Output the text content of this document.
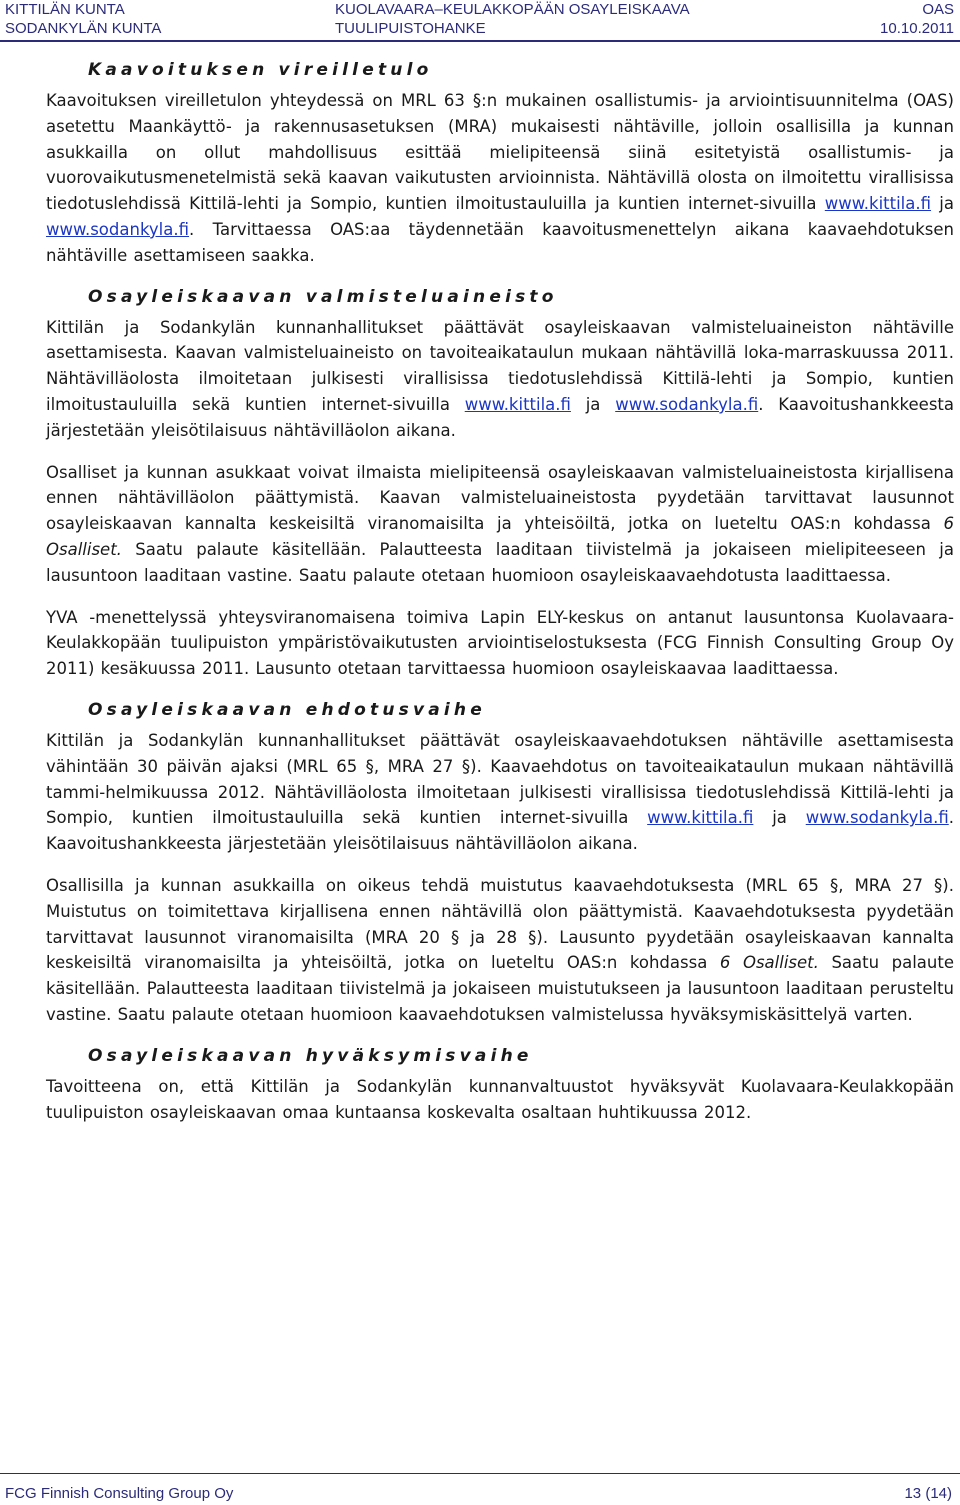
KITTILÄN KUNTA
SODANKYLÄN KUNTA
KUOLAVAARA–KEULAKKOPÄÄN OSAYLEISKAAVA
TUULIPUISTOHANKE
OAS
10.10.2011
Kaavoituksen vireilletulo

Kaavoituksen vireilletulon yhteydessä on MRL 63 §:n mukainen osallistumis- ja arviointisuunnitelma (OAS) asetettu Maankäyttö- ja rakennusasetuksen (MRA) mukaisesti nähtäville, jolloin osallisilla ja kunnan asukkailla on ollut mahdollisuus esittää mielipiteensä siinä esitetyistä osallistumis- ja vuorovaikutusmenetelmistä sekä kaavan vaikutusten arvioinnista. Nähtävillä olosta on ilmoitettu virallisissa tiedotuslehdissä Kittilä-lehti ja Sompio, kuntien ilmoitustauluilla ja kuntien internet-sivuilla www.kittila.fi ja www.sodankyla.fi. Tarvittaessa OAS:aa täydennetään kaavoitusmenettelyn aikana kaavaehdotuksen nähtäville asettamiseen saakka.

Osayleiskaavan valmisteluaineisto

Kittilän ja Sodankylän kunnanhallitukset päättävät osayleiskaavan valmisteluaineiston nähtäville asettamisesta. Kaavan valmisteluaineisto on tavoiteaikataulun mukaan nähtävillä loka-marraskuussa 2011. Nähtävilläolosta ilmoitetaan julkisesti virallisissa tiedotuslehdissä Kittilä-lehti ja Sompio, kuntien ilmoitustauluilla sekä kuntien internet-sivuilla www.kittila.fi ja www.sodankyla.fi. Kaavoitushankkeesta järjestetään yleisötilaisuus nähtävilläolon aikana.

Osalliset ja kunnan asukkaat voivat ilmaista mielipiteensä osayleiskaavan valmisteluaineistosta kirjallisena ennen nähtävilläolon päättymistä. Kaavan valmisteluaineistosta pyydetään tarvittavat lausunnot osayleiskaavan kannalta keskeisiltä viranomaisilta ja yhteisöiltä, jotka on lueteltu OAS:n kohdassa 6 Osalliset. Saatu palaute käsitellään. Palautteesta laaditaan tiivistelmä ja jokaiseen mielipiteeseen ja lausuntoon laaditaan vastine. Saatu palaute otetaan huomioon osayleiskaavaehdotusta laadittaessa.

YVA -menettelyssä yhteysviranomaisena toimiva Lapin ELY-keskus on antanut lausuntonsa Kuolavaara-Keulakkopään tuulipuiston ympäristövaikutusten arviointiselostuksesta (FCG Finnish Consulting Group Oy 2011) kesäkuussa 2011. Lausunto otetaan tarvittaessa huomioon osayleiskaavaa laadittaessa.

Osayleiskaavan ehdotusvaihe

Kittilän ja Sodankylän kunnanhallitukset päättävät osayleiskaavaehdotuksen nähtäville asettamisesta vähintään 30 päivän ajaksi (MRL 65 §, MRA 27 §). Kaavaehdotus on tavoiteaikataulun mukaan nähtävillä tammi-helmikuussa 2012. Nähtävilläolosta ilmoitetaan julkisesti virallisissa tiedotuslehdissä Kittilä-lehti ja Sompio, kuntien ilmoitustauluilla sekä kuntien internet-sivuilla www.kittila.fi ja www.sodankyla.fi. Kaavoitushankkeesta järjestetään yleisötilaisuus nähtävilläolon aikana.

Osallisilla ja kunnan asukkailla on oikeus tehdä muistutus kaavaehdotuksesta (MRL 65 §, MRA 27 §). Muistutus on toimitettava kirjallisena ennen nähtävillä olon päättymistä. Kaavaehdotuksesta pyydetään tarvittavat lausunnot viranomaisilta (MRA 20 § ja 28 §). Lausunto pyydetään osayleiskaavan kannalta keskeisiltä viranomaisilta ja yhteisöiltä, jotka on lueteltu OAS:n kohdassa 6 Osalliset. Saatu palaute käsitellään. Palautteesta laaditaan tiivistelmä ja jokaiseen muistutukseen ja lausuntoon laaditaan perusteltu vastine. Saatu palaute otetaan huomioon kaavaehdotuksen valmistelussa hyväksymiskäsittelyä varten.

Osayleiskaavan hyväksymisvaihe

Tavoitteena on, että Kittilän ja Sodankylän kunnanvaltuustot hyväksyvät Kuolavaara-Keulakkopään tuulipuiston osayleiskaavan omaa kuntaansa koskevalta osaltaan huhtikuussa 2012.

FCG Finnish Consulting Group Oy	13 (14)
